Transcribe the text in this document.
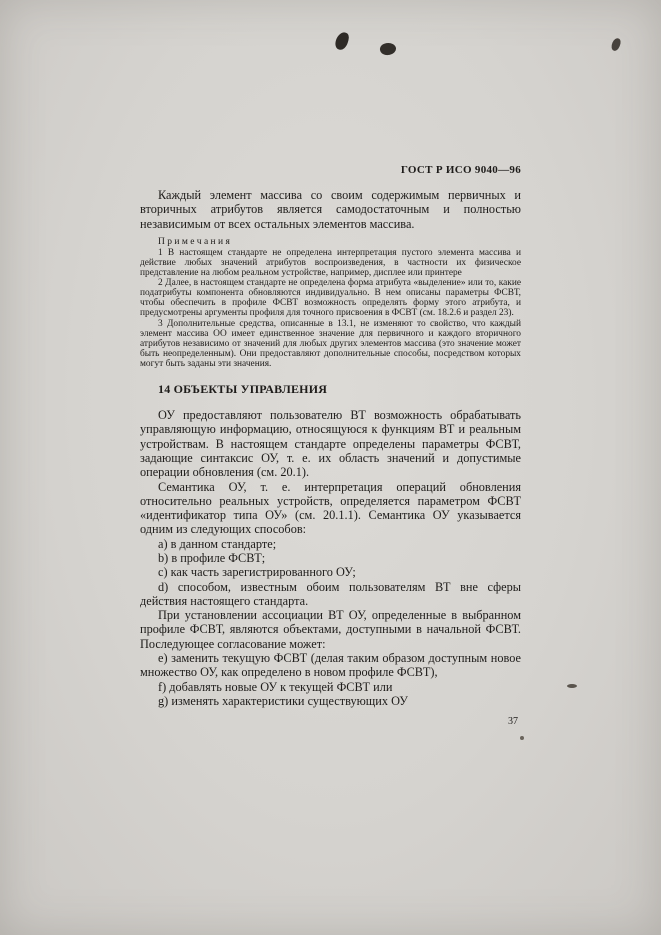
ГОСТ Р ИСО 9040—96

Каждый элемент массива со своим содержимым первичных и вторичных атрибутов является самодостаточным и полностью независимым от всех остальных элементов массива.

П р и м е ч а н и я

1 В настоящем стандарте не определена интерпретация пустого элемента массива и действие любых значений атрибутов воспроизведения, в частности их физическое представление на любом реальном устройстве, например, дисплее или принтере

2 Далее, в настоящем стандарте не определена форма атрибута «выделение» или то, какие податрибуты компонента обновляются индивидуально. В нем описаны параметры ФСВТ, чтобы обеспечить в профиле ФСВТ возможность определять форму этого атрибута, и предусмотрены аргументы профиля для точного присвоения в ФСВТ (см. 18.2.6 и раздел 23).

3 Дополнительные средства, описанные в 13.1, не изменяют то свойство, что каждый элемент массива ОО имеет единственное значение для первичного и каждого вторичного атрибутов независимо от значений для любых других элементов массива (это значение может быть неопределенным). Они предоставляют дополнительные способы, посредством которых могут быть заданы эти значения.

14 ОБЪЕКТЫ УПРАВЛЕНИЯ

ОУ предоставляют пользователю ВТ возможность обрабатывать управляющую информацию, относящуюся к функциям ВТ и реальным устройствам. В настоящем стандарте определены параметры ФСВТ, задающие синтаксис ОУ, т. е. их область значений и допустимые операции обновления (см. 20.1).

Семантика ОУ, т. е. интерпретация операций обновления относительно реальных устройств, определяется параметром ФСВТ «идентификатор типа ОУ» (см. 20.1.1). Семантика ОУ указывается одним из следующих способов:

a) в данном стандарте;

b) в профиле ФСВТ;

c) как часть зарегистрированного ОУ;

d) способом, известным обоим пользователям ВТ вне сферы действия настоящего стандарта.

При установлении ассоциации ВТ ОУ, определенные в выбранном профиле ФСВТ, являются объектами, доступными в начальной ФСВТ. Последующее согласование может:

e) заменить текущую ФСВТ (делая таким образом доступным новое множество ОУ, как определено в новом профиле ФСВТ),

f) добавлять новые ОУ к текущей ФСВТ или

g) изменять характеристики существующих ОУ

37
